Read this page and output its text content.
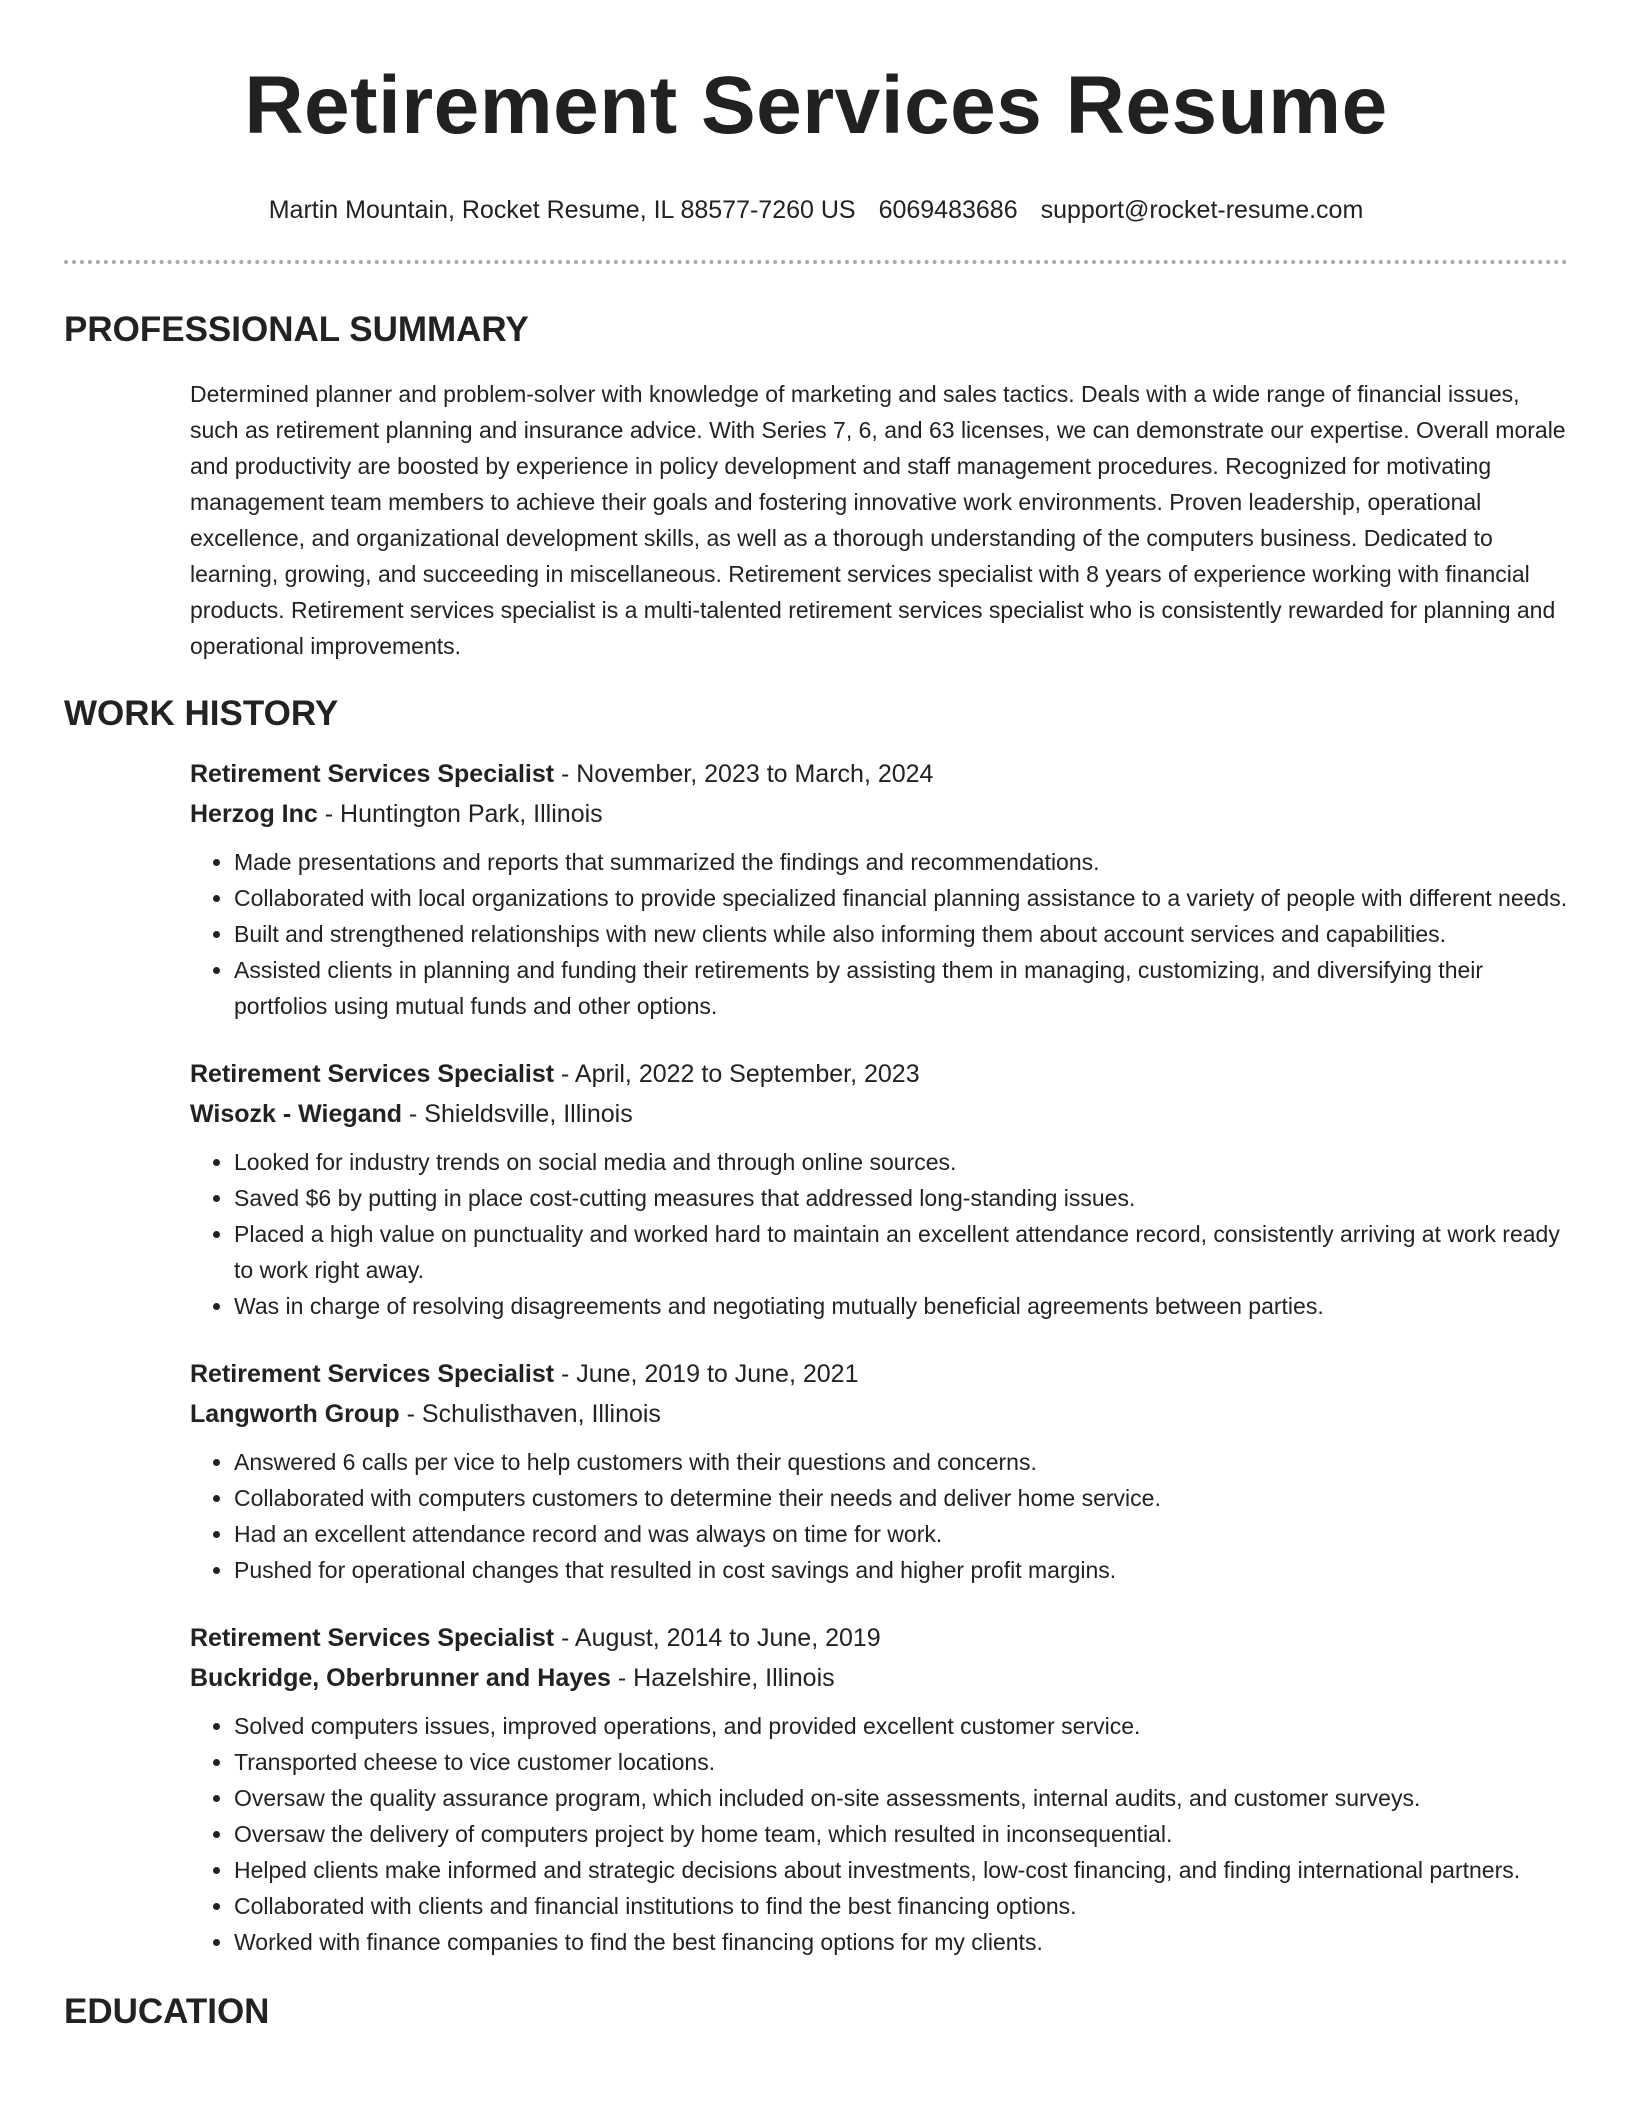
Retirement Services Resume
Martin Mountain, Rocket Resume, IL 88577-7260 US 6069483686 support@rocket-resume.com
PROFESSIONAL SUMMARY

Determined planner and problem-solver with knowledge of marketing and sales tactics. Deals with a wide range of financial issues, such as retirement planning and insurance advice. With Series 7, 6, and 63 licenses, we can demonstrate our expertise. Overall morale and productivity are boosted by experience in policy development and staff management procedures. Recognized for motivating management team members to achieve their goals and fostering innovative work environments. Proven leadership, operational excellence, and organizational development skills, as well as a thorough understanding of the computers business. Dedicated to learning, growing, and succeeding in miscellaneous. Retirement services specialist with 8 years of experience working with financial products. Retirement services specialist is a multi-talented retirement services specialist who is consistently rewarded for planning and operational improvements.

WORK HISTORY
Retirement Services Specialist - November, 2023 to March, 2024
Herzog Inc - Huntington Park, Illinois
• Made presentations and reports that summarized the findings and recommendations.
• Collaborated with local organizations to provide specialized financial planning assistance to a variety of people with different needs.
• Built and strengthened relationships with new clients while also informing them about account services and capabilities.
• Assisted clients in planning and funding their retirements by assisting them in managing, customizing, and diversifying their portfolios using mutual funds and other options.
Retirement Services Specialist - April, 2022 to September, 2023
Wisozk - Wiegand - Shieldsville, Illinois
• Looked for industry trends on social media and through online sources.
• Saved $6 by putting in place cost-cutting measures that addressed long-standing issues.
• Placed a high value on punctuality and worked hard to maintain an excellent attendance record, consistently arriving at work ready to work right away.
• Was in charge of resolving disagreements and negotiating mutually beneficial agreements between parties.
Retirement Services Specialist - June, 2019 to June, 2021
Langworth Group - Schulisthaven, Illinois
• Answered 6 calls per vice to help customers with their questions and concerns.
• Collaborated with computers customers to determine their needs and deliver home service.
• Had an excellent attendance record and was always on time for work.
• Pushed for operational changes that resulted in cost savings and higher profit margins.
Retirement Services Specialist - August, 2014 to June, 2019
Buckridge, Oberbrunner and Hayes - Hazelshire, Illinois
• Solved computers issues, improved operations, and provided excellent customer service.
• Transported cheese to vice customer locations.
• Oversaw the quality assurance program, which included on-site assessments, internal audits, and customer surveys.
• Oversaw the delivery of computers project by home team, which resulted in inconsequential.
• Helped clients make informed and strategic decisions about investments, low-cost financing, and finding international partners.
• Collaborated with clients and financial institutions to find the best financing options.
• Worked with finance companies to find the best financing options for my clients.
EDUCATION
